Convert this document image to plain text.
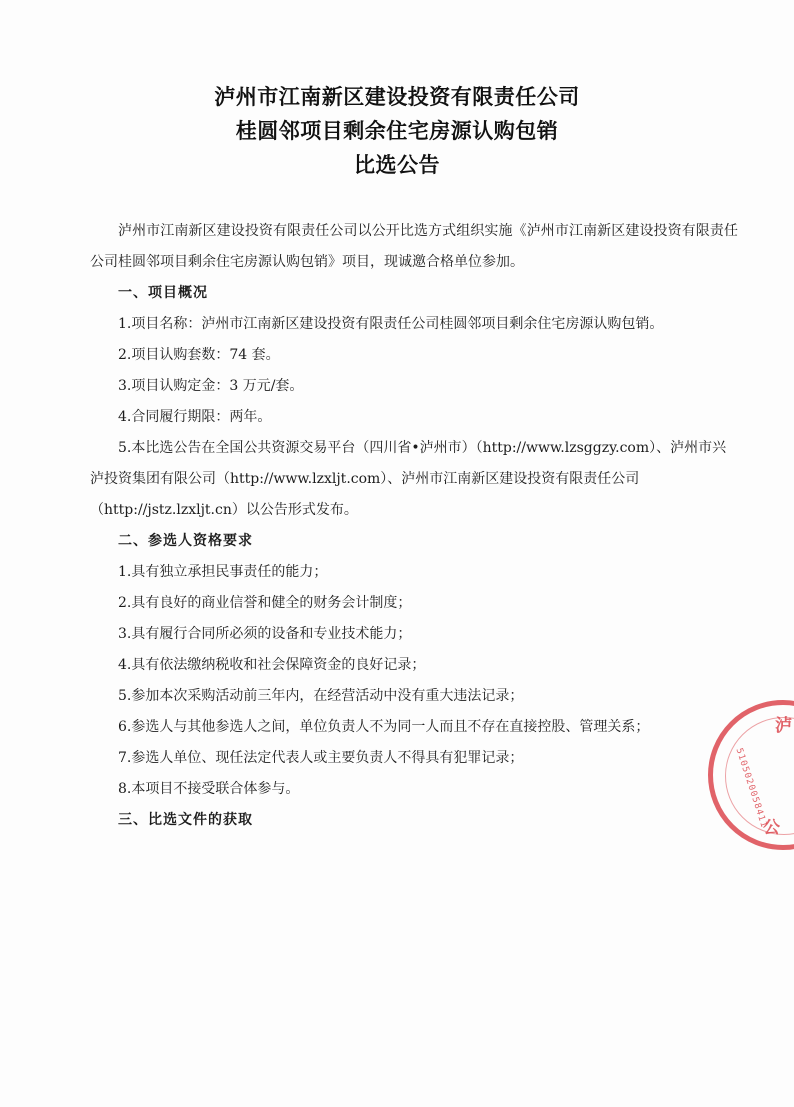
泸州市江南新区建设投资有限责任公司
桂圆邻项目剩余住宅房源认购包销
比选公告

泸州市江南新区建设投资有限责任公司以公开比选方式组织实施《泸州市江南新区建设投资有限责任公司桂圆邻项目剩余住宅房源认购包销》项目，现诚邀合格单位参加。

一、项目概况

1.项目名称：泸州市江南新区建设投资有限责任公司桂圆邻项目剩余住宅房源认购包销。

2.项目认购套数：74 套。

3.项目认购定金：3 万元/套。

4.合同履行期限：两年。

5.本比选公告在全国公共资源交易平台（四川省•泸州市）（http://www.lzsggzy.com）、泸州市兴泸投资集团有限公司（http://www.lzxljt.com）、泸州市江南新区建设投资有限责任公司（http://jstz.lzxljt.cn）以公告形式发布。

二、参选人资格要求

1.具有独立承担民事责任的能力；

2.具有良好的商业信誉和健全的财务会计制度；

3.具有履行合同所必须的设备和专业技术能力；

4.具有依法缴纳税收和社会保障资金的良好记录；

5.参加本次采购活动前三年内，在经营活动中没有重大违法记录；

6.参选人与其他参选人之间，单位负责人不为同一人而且不存在直接控股、管理关系；

7.参选人单位、现任法定代表人或主要负责人不得具有犯罪记录；

8.本项目不接受联合体参与。

三、比选文件的获取	5105020058411
泸
公
